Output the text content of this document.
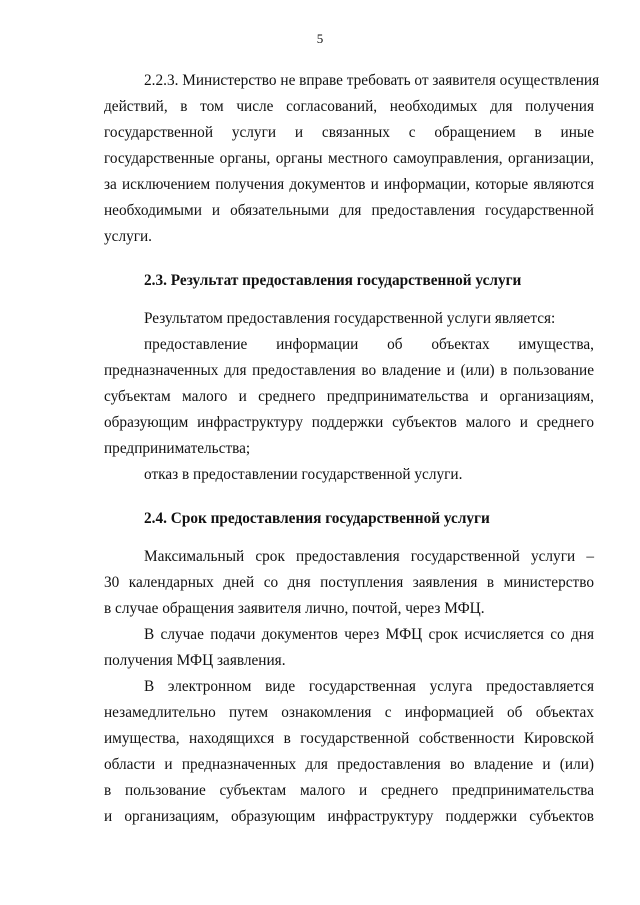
5
2.2.3. Министерство не вправе требовать от заявителя осуществления
действий, в том числе согласований, необходимых для получения
государственной услуги и связанных с обращением в иные
государственные органы, органы местного самоуправления, организации,
за исключением получения документов и информации, которые являются
необходимыми и обязательными для предоставления государственной
услуги.
2.3. Результат предоставления государственной услуги
Результатом предоставления государственной услуги является:
предоставление информации об объектах имущества,
предназначенных для предоставления во владение и (или) в пользование
субъектам малого и среднего предпринимательства и организациям,
образующим инфраструктуру поддержки субъектов малого и среднего
предпринимательства;
отказ в предоставлении государственной услуги.
2.4. Срок предоставления государственной услуги
Максимальный срок предоставления государственной услуги –
30 календарных дней со дня поступления заявления в министерство
в случае обращения заявителя лично, почтой, через МФЦ.
В случае подачи документов через МФЦ срок исчисляется со дня
получения МФЦ заявления.
В электронном виде государственная услуга предоставляется
незамедлительно путем ознакомления с информацией об объектах
имущества, находящихся в государственной собственности Кировской
области и предназначенных для предоставления во владение и (или)
в пользование субъектам малого и среднего предпринимательства
и организациям, образующим инфраструктуру поддержки субъектов
